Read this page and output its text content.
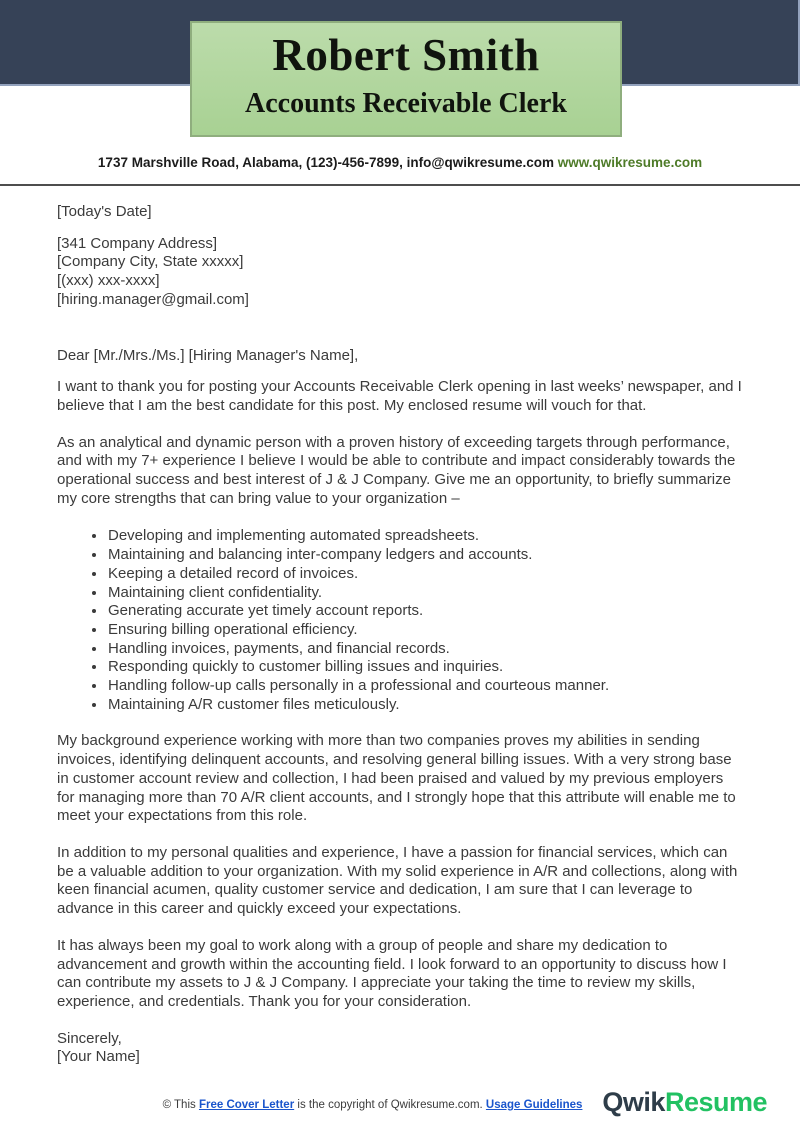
Robert Smith
Accounts Receivable Clerk
1737 Marshville Road, Alabama, (123)-456-7899, info@qwikresume.com www.qwikresume.com
[Today's Date]
[341 Company Address]
[Company City, State xxxxx]
[(xxx) xxx-xxxx]
[hiring.manager@gmail.com]
Dear [Mr./Mrs./Ms.] [Hiring Manager's Name],

I want to thank you for posting your Accounts Receivable Clerk opening in last weeks’ newspaper, and I believe that I am the best candidate for this post. My enclosed resume will vouch for that.

As an analytical and dynamic person with a proven history of exceeding targets through performance, and with my 7+ experience I believe I would be able to contribute and impact considerably towards the operational success and best interest of J & J Company. Give me an opportunity, to briefly summarize my core strengths that can bring value to your organization –

• Developing and implementing automated spreadsheets.
• Maintaining and balancing inter-company ledgers and accounts.
• Keeping a detailed record of invoices.
• Maintaining client confidentiality.
• Generating accurate yet timely account reports.
• Ensuring billing operational efficiency.
• Handling invoices, payments, and financial records.
• Responding quickly to customer billing issues and inquiries.
• Handling follow-up calls personally in a professional and courteous manner.
• Maintaining A/R customer files meticulously.

My background experience working with more than two companies proves my abilities in sending invoices, identifying delinquent accounts, and resolving general billing issues. With a very strong base in customer account review and collection, I had been praised and valued by my previous employers for managing more than 70 A/R client accounts, and I strongly hope that this attribute will enable me to meet your expectations from this role.

In addition to my personal qualities and experience, I have a passion for financial services, which can be a valuable addition to your organization. With my solid experience in A/R and collections, along with keen financial acumen, quality customer service and dedication, I am sure that I can leverage to advance in this career and quickly exceed your expectations.

It has always been my goal to work along with a group of people and share my dedication to advancement and growth within the accounting field. I look forward to an opportunity to discuss how I can contribute my assets to J & J Company. I appreciate your taking the time to review my skills, experience, and credentials. Thank you for your consideration.

Sincerely,
[Your Name]
© This Free Cover Letter is the copyright of Qwikresume.com. Usage Guidelines QwikResume
